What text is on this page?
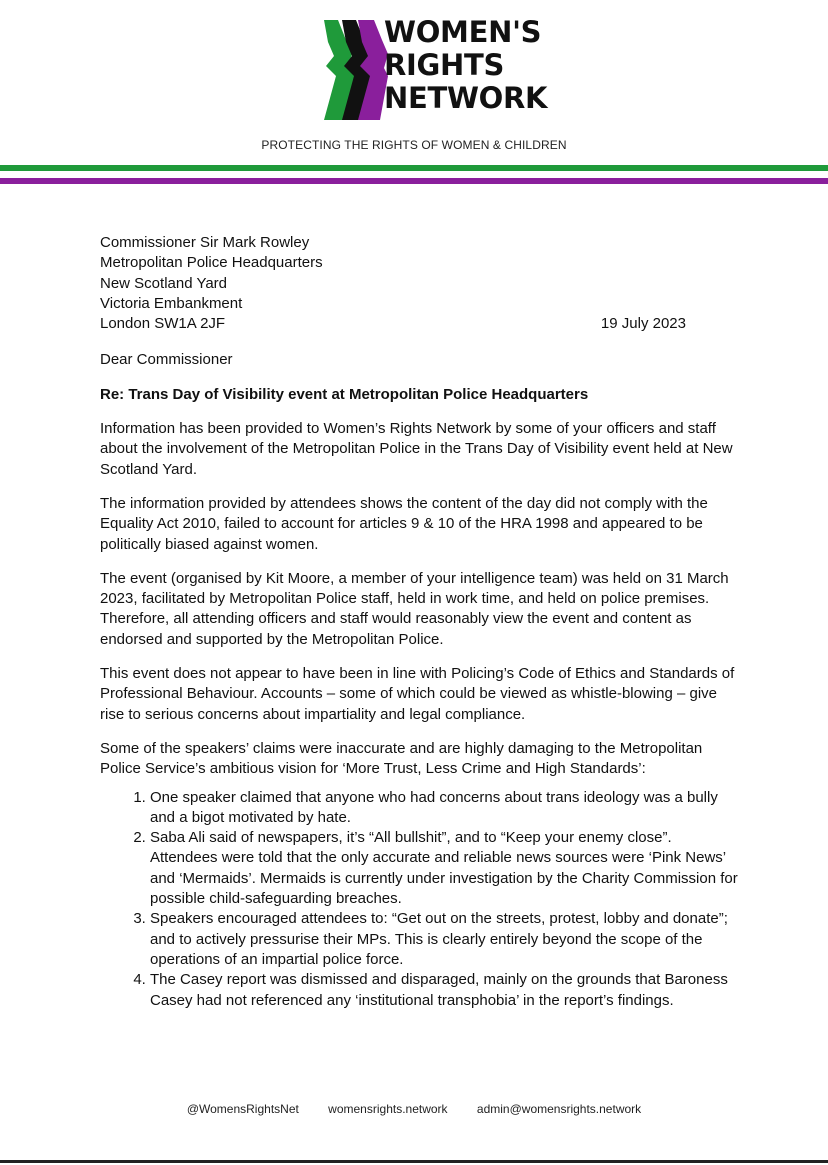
WOMEN'S
RIGHTS
NETWORK
PROTECTING THE RIGHTS OF WOMEN & CHILDREN
Commissioner Sir Mark Rowley
Metropolitan Police Headquarters
New Scotland Yard
Victoria Embankment
London SW1A 2JF	19 July 2023
Dear Commissioner
Re: Trans Day of Visibility event at Metropolitan Police Headquarters
Information has been provided to Women’s Rights Network by some of your officers and staff about the involvement of the Metropolitan Police in the Trans Day of Visibility event held at New Scotland Yard.
The information provided by attendees shows the content of the day did not comply with the Equality Act 2010, failed to account for articles 9 & 10 of the HRA 1998 and appeared to be politically biased against women.
The event (organised by Kit Moore, a member of your intelligence team) was held on 31 March 2023, facilitated by Metropolitan Police staff, held in work time, and held on police premises. Therefore, all attending officers and staff would reasonably view the event and content as endorsed and supported by the Metropolitan Police.
This event does not appear to have been in line with Policing’s Code of Ethics and Standards of Professional Behaviour. Accounts – some of which could be viewed as whistle-blowing – give rise to serious concerns about impartiality and legal compliance.
Some of the speakers’ claims were inaccurate and are highly damaging to the Metropolitan Police Service’s ambitious vision for ‘More Trust, Less Crime and High Standards’:
1. One speaker claimed that anyone who had concerns about trans ideology was a bully and a bigot motivated by hate.
2. Saba Ali said of newspapers, it’s “All bullshit”, and to “Keep your enemy close”. Attendees were told that the only accurate and reliable news sources were ‘Pink News’ and ‘Mermaids’. Mermaids is currently under investigation by the Charity Commission for possible child-safeguarding breaches.
3. Speakers encouraged attendees to: “Get out on the streets, protest, lobby and donate”; and to actively pressurise their MPs. This is clearly entirely beyond the scope of the operations of an impartial police force.
4. The Casey report was dismissed and disparaged, mainly on the grounds that Baroness Casey had not referenced any ‘institutional transphobia’ in the report’s findings.
@WomensRightsNet womensrights.network admin@womensrights.network
